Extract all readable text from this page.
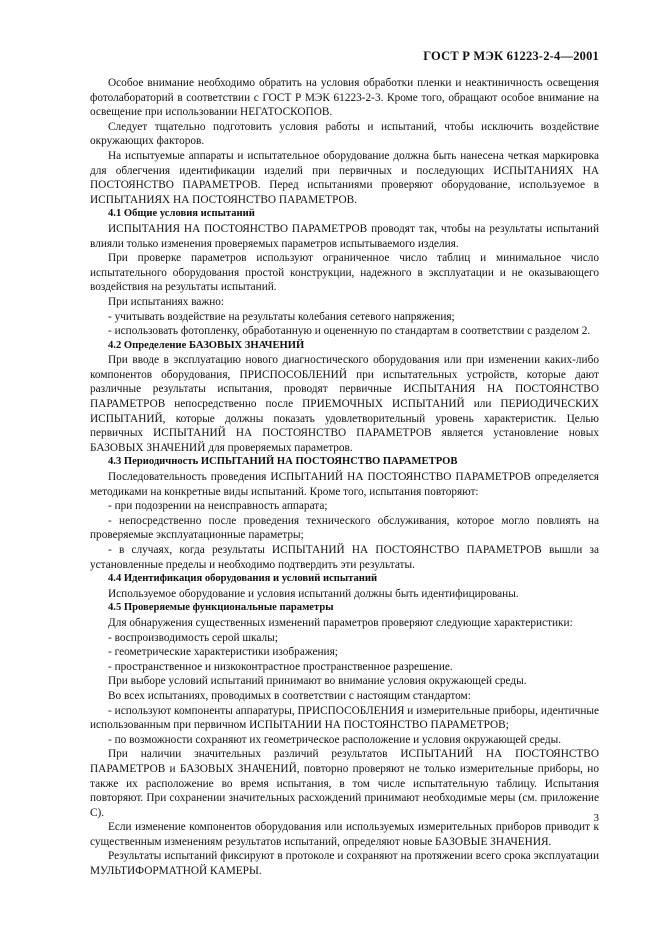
ГОСТ Р МЭК 61223-2-4—2001

Особое внимание необходимо обратить на условия обработки пленки и неактиничность освещения фотолабораторий в соответствии с ГОСТ Р МЭК 61223-2-3. Кроме того, обращают особое внимание на освещение при использовании НЕГАТОСКОПОВ.

Следует тщательно подготовить условия работы и испытаний, чтобы исключить воздействие окружающих факторов.

На испытуемые аппараты и испытательное оборудование должна быть нанесена четкая маркировка для облегчения идентификации изделий при первичных и последующих ИСПЫТАНИЯХ НА ПОСТОЯНСТВО ПАРАМЕТРОВ. Перед испытаниями проверяют оборудование, используемое в ИСПЫТАНИЯХ НА ПОСТОЯНСТВО ПАРАМЕТРОВ.

4.1 Общие условия испытаний

ИСПЫТАНИЯ НА ПОСТОЯНСТВО ПАРАМЕТРОВ проводят так, чтобы на результаты испытаний влияли только изменения проверяемых параметров испытываемого изделия.

При проверке параметров используют ограниченное число таблиц и минимальное число испытательного оборудования простой конструкции, надежного в эксплуатации и не оказывающего воздействия на результаты испытаний.

При испытаниях важно:

- учитывать воздействие на результаты колебания сетевого напряжения;

- использовать фотопленку, обработанную и оцененную по стандартам в соответствии с разделом 2.

4.2 Определение БАЗОВЫХ ЗНАЧЕНИЙ

При вводе в эксплуатацию нового диагностического оборудования или при изменении каких-либо компонентов оборудования, ПРИСПОСОБЛЕНИЙ при испытательных устройств, которые дают различные результаты испытания, проводят первичные ИСПЫТАНИЯ НА ПОСТОЯНСТВО ПАРАМЕТРОВ непосредственно после ПРИЕМОЧНЫХ ИСПЫТАНИЙ или ПЕРИОДИЧЕСКИХ ИСПЫТАНИЙ, которые должны показать удовлетворительный уровень характеристик. Целью первичных ИСПЫТАНИЙ НА ПОСТОЯНСТВО ПАРАМЕТРОВ является установление новых БАЗОВЫХ ЗНАЧЕНИЙ для проверяемых параметров.

4.3 Периодичность ИСПЫТАНИЙ НА ПОСТОЯНСТВО ПАРАМЕТРОВ

Последовательность проведения ИСПЫТАНИЙ НА ПОСТОЯНСТВО ПАРАМЕТРОВ определяется методиками на конкретные виды испытаний. Кроме того, испытания повторяют:

- при подозрении на неисправность аппарата;

- непосредственно после проведения технического обслуживания, которое могло повлиять на проверяемые эксплуатационные параметры;

- в случаях, когда результаты ИСПЫТАНИЙ НА ПОСТОЯНСТВО ПАРАМЕТРОВ вышли за установленные пределы и необходимо подтвердить эти результаты.

4.4 Идентификация оборудования и условий испытаний

Используемое оборудование и условия испытаний должны быть идентифицированы.

4.5 Проверяемые функциональные параметры

Для обнаружения существенных изменений параметров проверяют следующие характеристики:

- воспроизводимость серой шкалы;

- геометрические характеристики изображения;

- пространственное и низкоконтрастное пространственное разрешение.

При выборе условий испытаний принимают во внимание условия окружающей среды.

Во всех испытаниях, проводимых в соответствии с настоящим стандартом:

- используют компоненты аппаратуры, ПРИСПОСОБЛЕНИЯ и измерительные приборы, идентичные использованным при первичном ИСПЫТАНИИ НА ПОСТОЯНСТВО ПАРАМЕТРОВ;

- по возможности сохраняют их геометрическое расположение и условия окружающей среды.

При наличии значительных различий результатов ИСПЫТАНИЙ НА ПОСТОЯНСТВО ПАРАМЕТРОВ и БАЗОВЫХ ЗНАЧЕНИЙ, повторно проверяют не только измерительные приборы, но также их расположение во время испытания, в том числе испытательную таблицу. Испытания повторяют. При сохранении значительных расхождений принимают необходимые меры (см. приложение С).

Если изменение компонентов оборудования или используемых измерительных приборов приводит к существенным изменениям результатов испытаний, определяют новые БАЗОВЫЕ ЗНАЧЕНИЯ.

Результаты испытаний фиксируют в протоколе и сохраняют на протяжении всего срока эксплуатации МУЛЬТИФОРМАТНОЙ КАМЕРЫ.

3
